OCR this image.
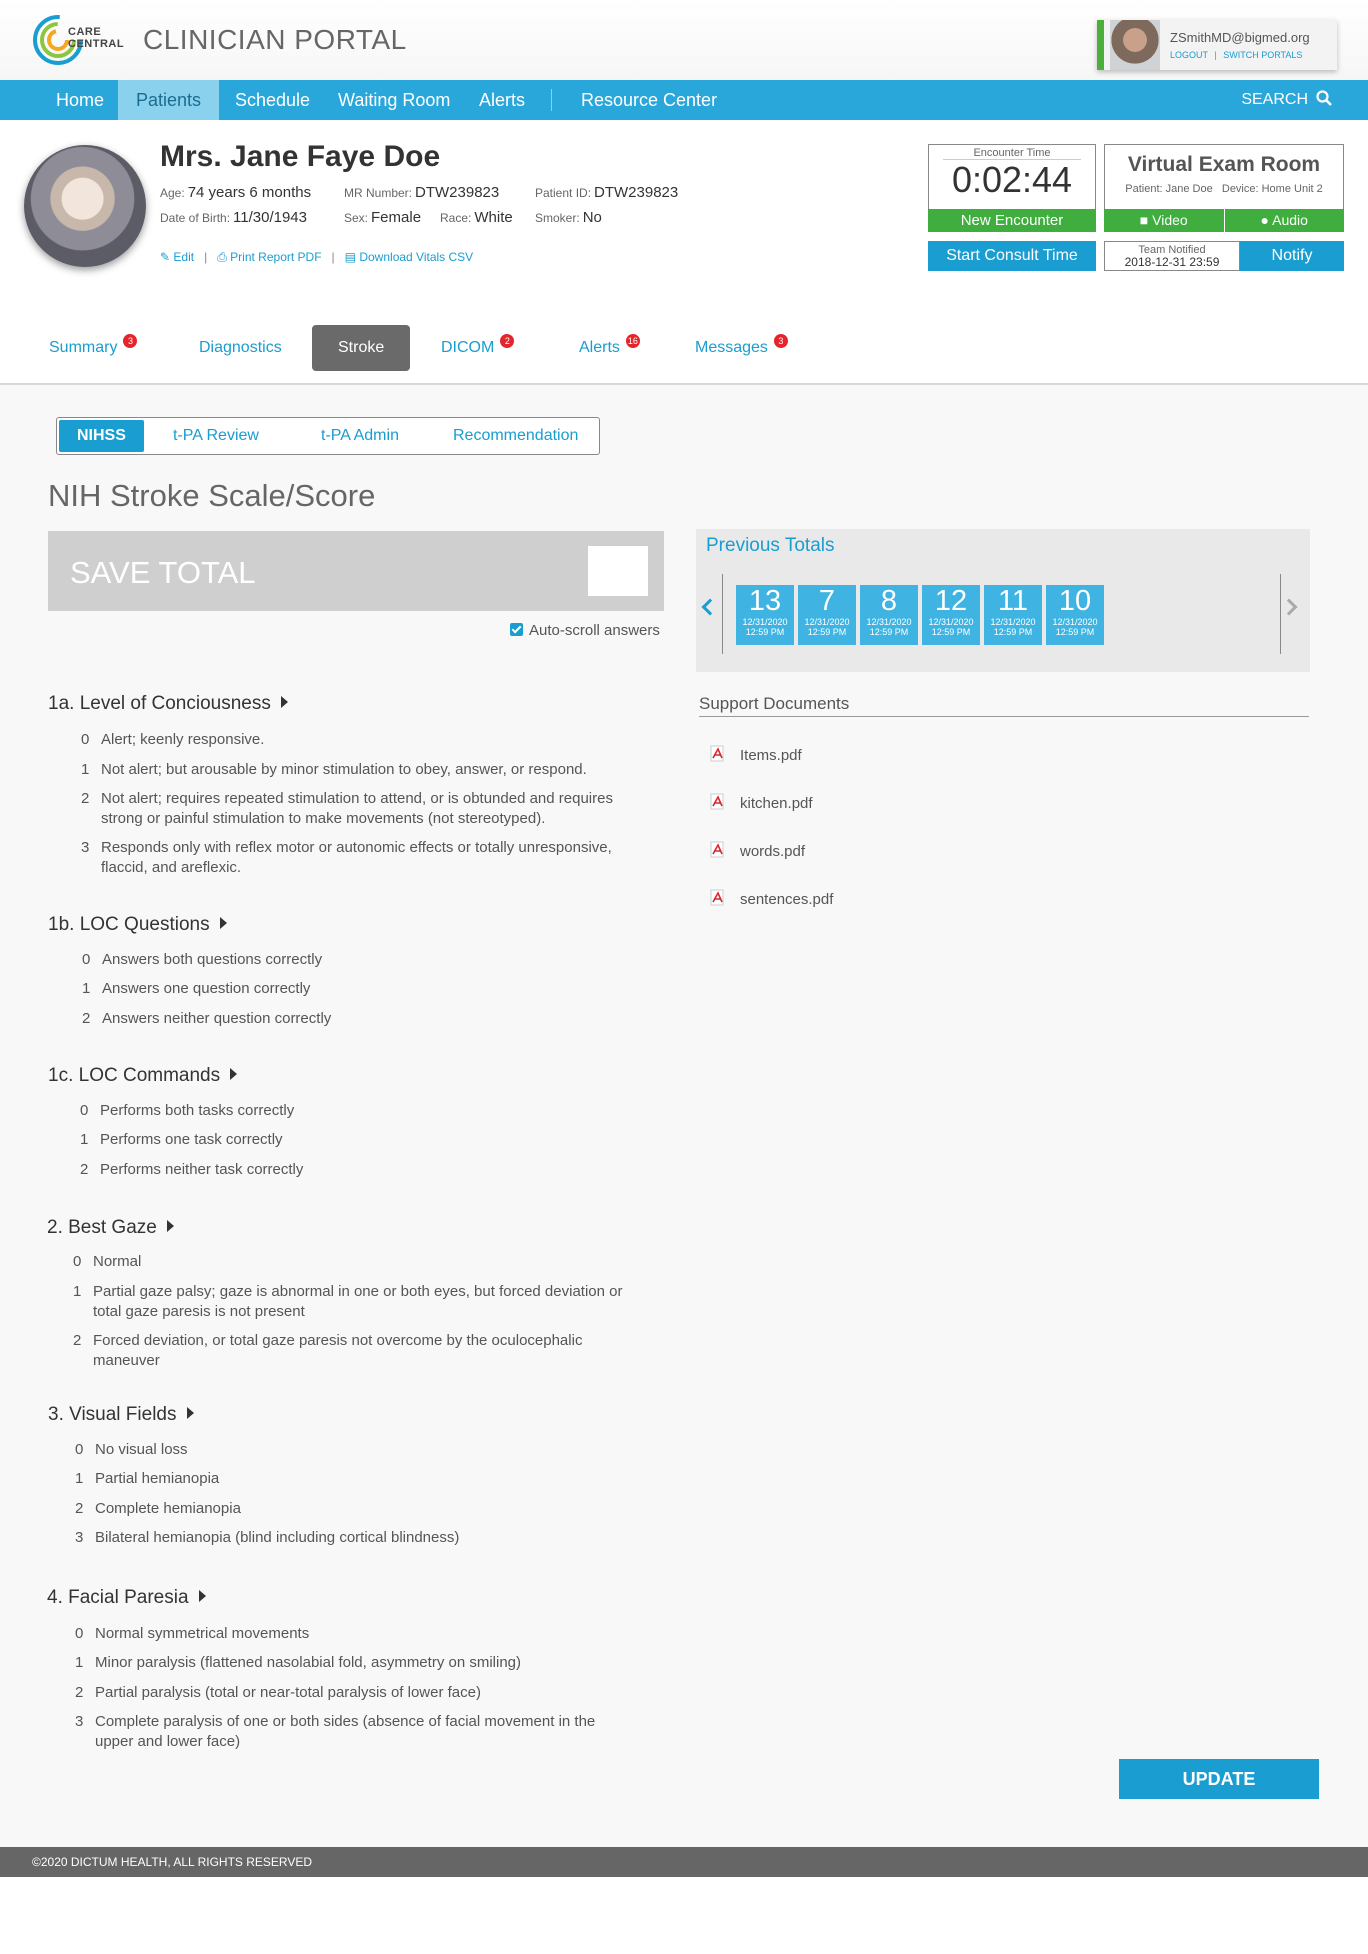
CARE
CENTRAL CLINICIAN PORTAL	ZSmithMD@bigmed.org
LOGOUT | SWITCH PORTALS
Home	Patients	Schedule	Waiting Room	Alerts	Resource Center	SEARCH
Mrs. Jane Faye Doe
Age: 74 years 6 months	MR Number: DTW239823	Patient ID: DTW239823
Date of Birth: 11/30/1943	Sex: Female Race: White Smoker: No
✎ Edit | ⎙ Print Report PDF | ▤ Download Vitals CSV
Encounter Time
0:02:44
New Encounter
Start Consult Time
Virtual Exam Room
Patient: Jane Doe Device: Home Unit 2
■ Video	● Audio
Team Notified
2018-12-31 23:59	Notify
Summary 3	Diagnostics	Stroke	DICOM 2	Alerts 16	Messages 3
NIHSS	t-PA Review	t-PA Admin	Recommendation
NIH Stroke Scale/Score
SAVE TOTAL
Auto-scroll answers
1a. Level of Conciousness
0 Alert; keenly responsive.
1 Not alert; but arousable by minor stimulation to obey, answer, or respond.
2 Not alert; requires repeated stimulation to attend, or is obtunded and requires strong or painful stimulation to make movements (not stereotyped).
3 Responds only with reflex motor or autonomic effects or totally unresponsive, flaccid, and areflexic.
1b. LOC Questions
0 Answers both questions correctly
1 Answers one question correctly
2 Answers neither question correctly
1c. LOC Commands
0 Performs both tasks correctly
1 Performs one task correctly
2 Performs neither task correctly
2. Best Gaze
0 Normal
1 Partial gaze palsy; gaze is abnormal in one or both eyes, but forced deviation or total gaze paresis is not present
2 Forced deviation, or total gaze paresis not overcome by the oculocephalic maneuver
3. Visual Fields
0 No visual loss
1 Partial hemianopia
2 Complete hemianopia
3 Bilateral hemianopia (blind including cortical blindness)
4. Facial Paresia
0 Normal symmetrical movements
1 Minor paralysis (flattened nasolabial fold, asymmetry on smiling)
2 Partial paralysis (total or near-total paralysis of lower face)
3 Complete paralysis of one or both sides (absence of facial movement in the upper and lower face)
Previous Totals
13
12/31/2020
12:59 PM
7
12/31/2020
12:59 PM
8
12/31/2020
12:59 PM
12
12/31/2020
12:59 PM
11
12/31/2020
12:59 PM
10
12/31/2020
12:59 PM
Support Documents
Items.pdf
kitchen.pdf
words.pdf
sentences.pdf
UPDATE
©2020 DICTUM HEALTH, ALL RIGHTS RESERVED
